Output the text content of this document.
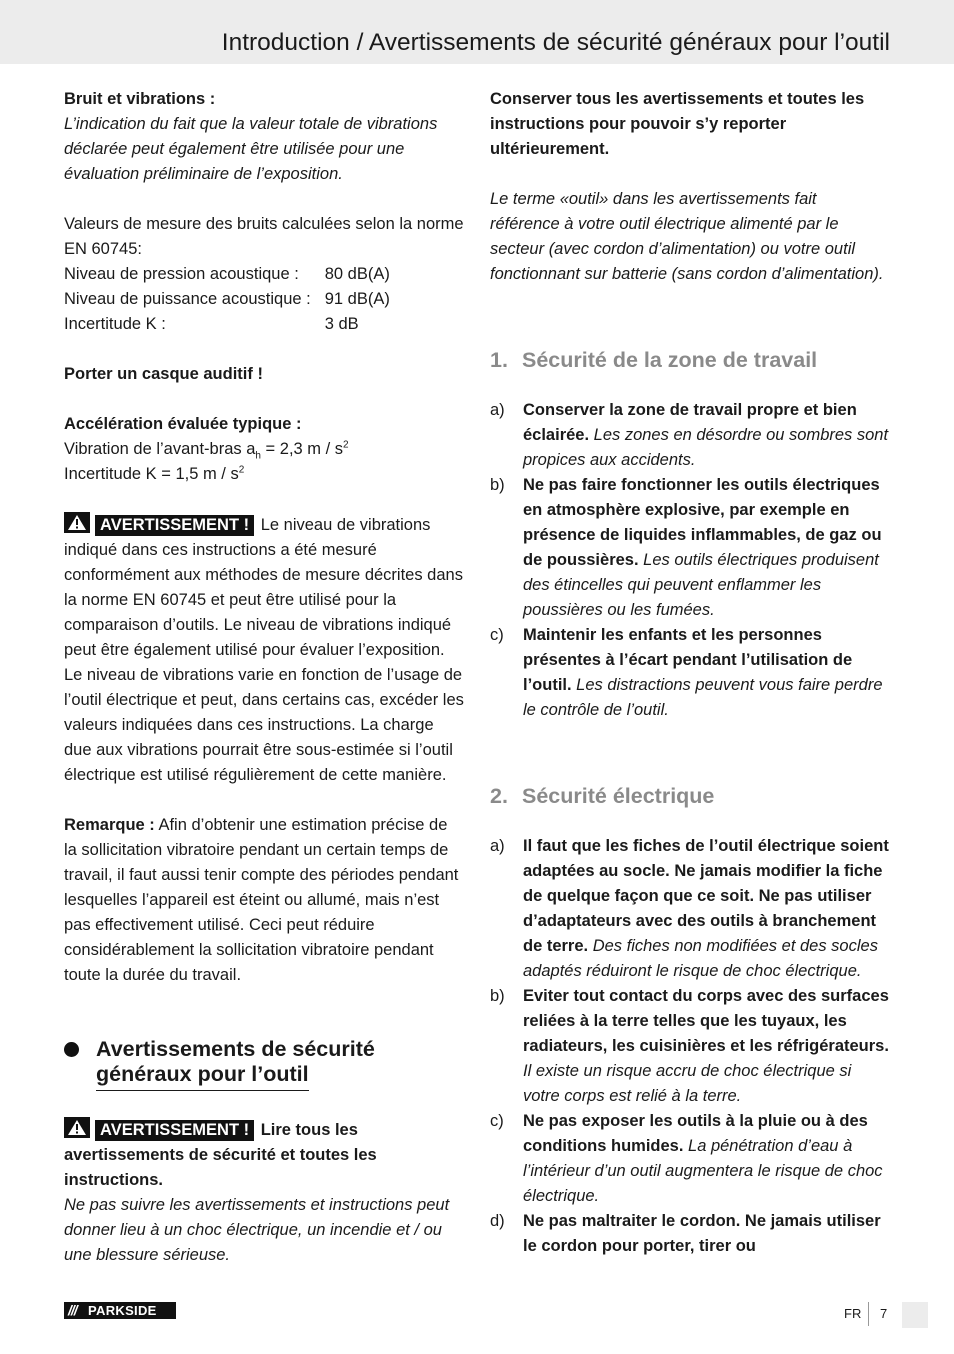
Introduction / Avertissements de sécurité généraux pour l’outil

Bruit et vibrations :

L’indication du fait que la valeur totale de vibrations déclarée peut également être utilisée pour une évaluation préliminaire de l’exposition.

Valeurs de mesure des bruits calculées selon la norme EN 60745:

Niveau de pression acoustique :	80 dB(A)
Niveau de puissance acoustique :	91 dB(A)
Incertitude K :	3 dB

Porter un casque auditif !

Accélération évaluée typique :

Vibration de l’avant-bras $a_h = 2,3$ m / $s^2$

Incertitude K = 1,5 m / $s^2$

AVERTISSEMENT ! Le niveau de vibrations indiqué dans ces instructions a été mesuré conformément aux méthodes de mesure décrites dans la norme EN 60745 et peut être utilisé pour la comparaison d’outils. Le niveau de vibrations indiqué peut être également utilisé pour évaluer l’exposition. Le niveau de vibrations varie en fonction de l’usage de l’outil électrique et peut, dans certains cas, excéder les valeurs indiquées dans ces instructions. La charge due aux vibrations pourrait être sous-estimée si l’outil électrique est utilisé régulièrement de cette manière.

Remarque : Afin d’obtenir une estimation précise de la sollicitation vibratoire pendant un certain temps de travail, il faut aussi tenir compte des périodes pendant lesquelles l’appareil est éteint ou allumé, mais n’est pas effectivement utilisé. Ceci peut réduire considérablement la sollicitation vibratoire pendant toute la durée du travail.

Avertissements de sécurité
généraux pour l’outil

AVERTISSEMENT ! Lire tous les avertissements de sécurité et toutes les instructions.

Ne pas suivre les avertissements et instructions peut donner lieu à un choc électrique, un incendie et / ou une blessure sérieuse.

Conserver tous les avertissements et toutes les instructions pour pouvoir s’y reporter ultérieurement.

Le terme «outil» dans les avertissements fait référence à votre outil électrique alimenté par le secteur (avec cordon d’alimentation) ou votre outil fonctionnant sur batterie (sans cordon d’alimentation).

1. Sécurité de la zone de travail
a) Conserver la zone de travail propre et bien éclairée. Les zones en désordre ou sombres sont propices aux accidents.
b) Ne pas faire fonctionner les outils électriques en atmosphère explosive, par exemple en présence de liquides inflammables, de gaz ou de poussières. Les outils électriques produisent des étincelles qui peuvent enflammer les poussières ou les fumées.
c) Maintenir les enfants et les personnes présentes à l’écart pendant l’utilisation de l’outil. Les distractions peuvent vous faire perdre le contrôle de l’outil.
2. Sécurité électrique
a) Il faut que les fiches de l’outil électrique soient adaptées au socle. Ne jamais modifier la fiche de quelque façon que ce soit. Ne pas utiliser d’adaptateurs avec des outils à branchement de terre. Des fiches non modifiées et des socles adaptés réduiront le risque de choc électrique.
b) Eviter tout contact du corps avec des surfaces reliées à la terre telles que les tuyaux, les radiateurs, les cuisinières et les réfrigérateurs. Il existe un risque accru de choc électrique si votre corps est relié à la terre.
c) Ne pas exposer les outils à la pluie ou à des conditions humides. La pénétration d’eau à l’intérieur d’un outil augmentera le risque de choc électrique.
d) Ne pas maltraiter le cordon. Ne jamais utiliser le cordon pour porter, tirer ou
/// PARKSIDE	FR 7
